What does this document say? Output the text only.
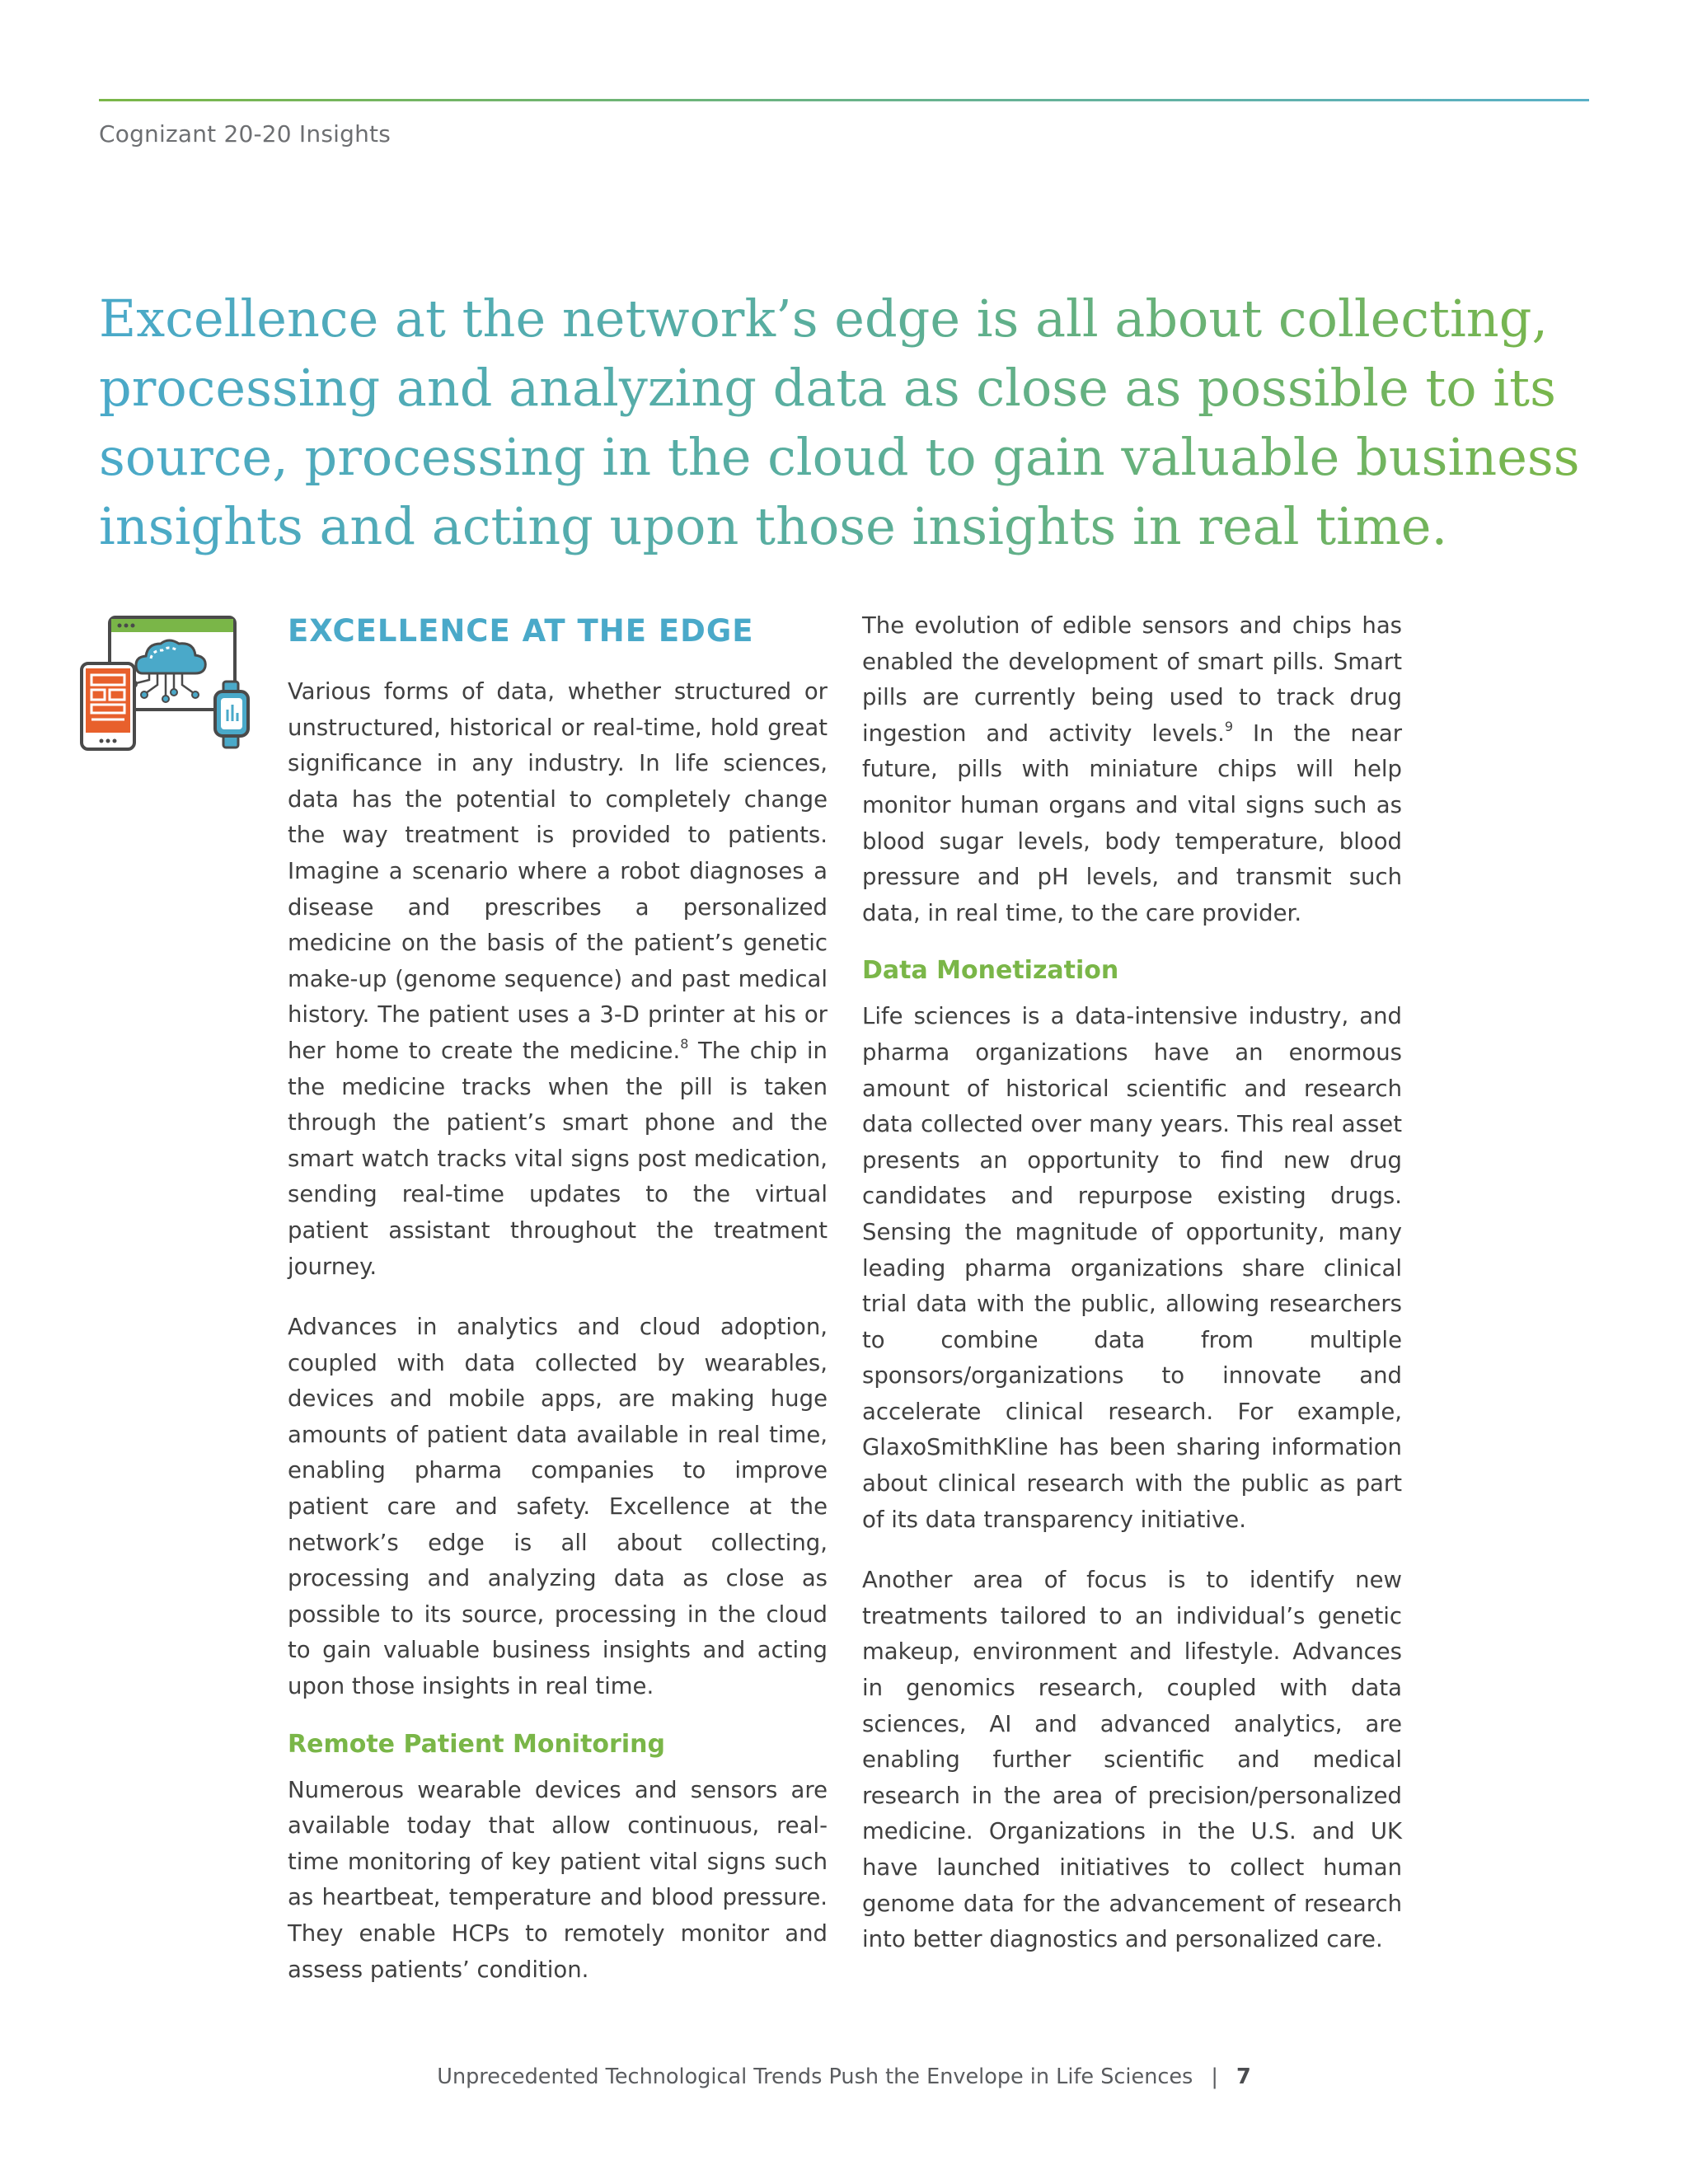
Cognizant 20-20 Insights
Excellence at the network’s edge is all about collecting, processing and analyzing data as close as possible to its source, processing in the cloud to gain valuable business insights and acting upon those insights in real time.
EXCELLENCE AT THE EDGE

Various forms of data, whether structured or unstructured, historical or real-time, hold great significance in any industry. In life sciences, data has the potential to completely change the way treatment is provided to patients. Imagine a scenario where a robot diagnoses a disease and prescribes a personalized medicine on the basis of the patient’s genetic make-up (genome sequence) and past medical history. The patient uses a 3-D printer at his or her home to create the medicine.$^8$ The chip in the medicine tracks when the pill is taken through the patient’s smart phone and the smart watch tracks vital signs post medication, sending real-time updates to the virtual patient assistant throughout the treatment journey.

Advances in analytics and cloud adoption, coupled with data collected by wearables, devices and mobile apps, are making huge amounts of patient data available in real time, enabling pharma companies to improve patient care and safety. Excellence at the network’s edge is all about collecting, processing and analyzing data as close as possible to its source, processing in the cloud to gain valuable business insights and acting upon those insights in real time.

Remote Patient Monitoring

Numerous wearable devices and sensors are available today that allow continuous, real-time monitoring of key patient vital signs such as heartbeat, temperature and blood pressure. They enable HCPs to remotely monitor and assess patients’ condition.

The evolution of edible sensors and chips has enabled the development of smart pills. Smart pills are currently being used to track drug ingestion and activity levels.$^9$ In the near future, pills with miniature chips will help monitor human organs and vital signs such as blood sugar levels, body temperature, blood pressure and pH levels, and transmit such data, in real time, to the care provider.

Data Monetization

Life sciences is a data-intensive industry, and pharma organizations have an enormous amount of historical scientific and research data collected over many years. This real asset presents an opportunity to find new drug candidates and repurpose existing drugs. Sensing the magnitude of opportunity, many leading pharma organizations share clinical trial data with the public, allowing researchers to combine data from multiple sponsors/organizations to innovate and accelerate clinical research. For example, GlaxoSmithKline has been sharing information about clinical research with the public as part of its data transparency initiative.

Another area of focus is to identify new treatments tailored to an individual’s genetic makeup, environment and lifestyle. Advances in genomics research, coupled with data sciences, AI and advanced analytics, are enabling further scientific and medical research in the area of precision/personalized medicine. Organizations in the U.S. and UK have launched initiatives to collect human genome data for the advancement of research into better diagnostics and personalized care.

Unprecedented Technological Trends Push the Envelope in Life Sciences | 7
